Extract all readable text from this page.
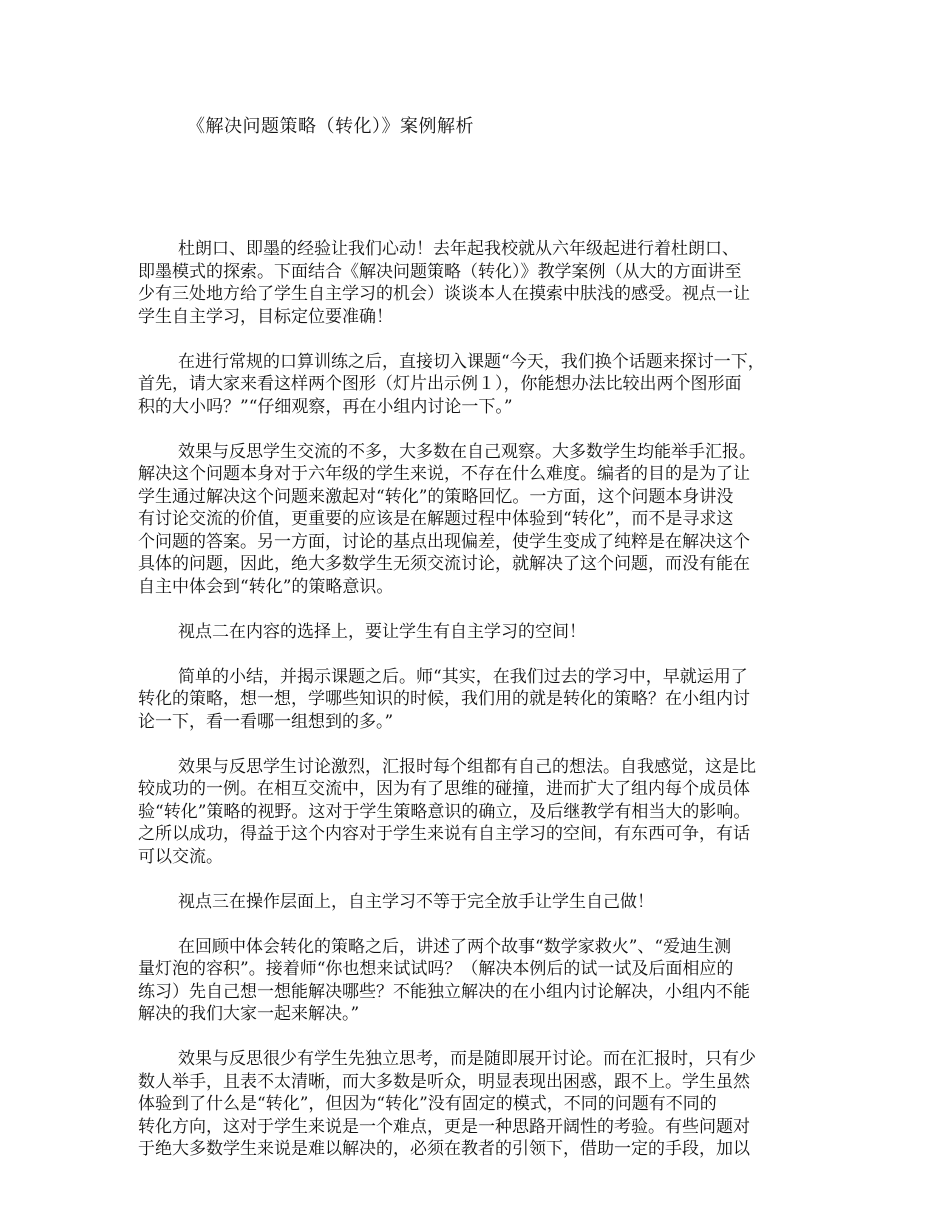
《解决问题策略（转化）》案例解析

杜朗口、即墨的经验让我们心动！去年起我校就从六年级起进行着杜朗口、
即墨模式的探索。下面结合《解决问题策略（转化）》教学案例（从大的方面讲至
少有三处地方给了学生自主学习的机会）谈谈本人在摸索中肤浅的感受。视点一让
学生自主学习，目标定位要准确！

在进行常规的口算训练之后，直接切入课题“今天，我们换个话题来探讨一下，
首先，请大家来看这样两个图形（灯片出示例１），你能想办法比较出两个图形面
积的大小吗？”“仔细观察，再在小组内讨论一下。”

效果与反思学生交流的不多，大多数在自己观察。大多数学生均能举手汇报。
解决这个问题本身对于六年级的学生来说，不存在什么难度。编者的目的是为了让
学生通过解决这个问题来激起对“转化”的策略回忆。一方面，这个问题本身讲没
有讨论交流的价值，更重要的应该是在解题过程中体验到“转化”，而不是寻求这
个问题的答案。另一方面，讨论的基点出现偏差，使学生变成了纯粹是在解决这个
具体的问题，因此，绝大多数学生无须交流讨论，就解决了这个问题，而没有能在
自主中体会到“转化”的策略意识。

视点二在内容的选择上，要让学生有自主学习的空间！

简单的小结，并揭示课题之后。师“其实，在我们过去的学习中，早就运用了
转化的策略，想一想，学哪些知识的时候，我们用的就是转化的策略？在小组内讨
论一下，看一看哪一组想到的多。”

效果与反思学生讨论激烈，汇报时每个组都有自己的想法。自我感觉，这是比
较成功的一例。在相互交流中，因为有了思维的碰撞，进而扩大了组内每个成员体
验“转化”策略的视野。这对于学生策略意识的确立，及后继教学有相当大的影响。
之所以成功，得益于这个内容对于学生来说有自主学习的空间，有东西可争，有话
可以交流。

视点三在操作层面上，自主学习不等于完全放手让学生自己做！

在回顾中体会转化的策略之后，讲述了两个故事“数学家救火”、“爱迪生测
量灯泡的容积”。接着师“你也想来试试吗？（解决本例后的试一试及后面相应的
练习）先自己想一想能解决哪些？不能独立解决的在小组内讨论解决，小组内不能
解决的我们大家一起来解决。”

效果与反思很少有学生先独立思考，而是随即展开讨论。而在汇报时，只有少
数人举手，且表不太清晰，而大多数是听众，明显表现出困惑，跟不上。学生虽然
体验到了什么是“转化”，但因为“转化”没有固定的模式，不同的问题有不同的
转化方向，这对于学生来说是一个难点，更是一种思路开阔性的考验。有些问题对
于绝大多数学生来说是难以解决的，必须在教者的引领下，借助一定的手段，加以
